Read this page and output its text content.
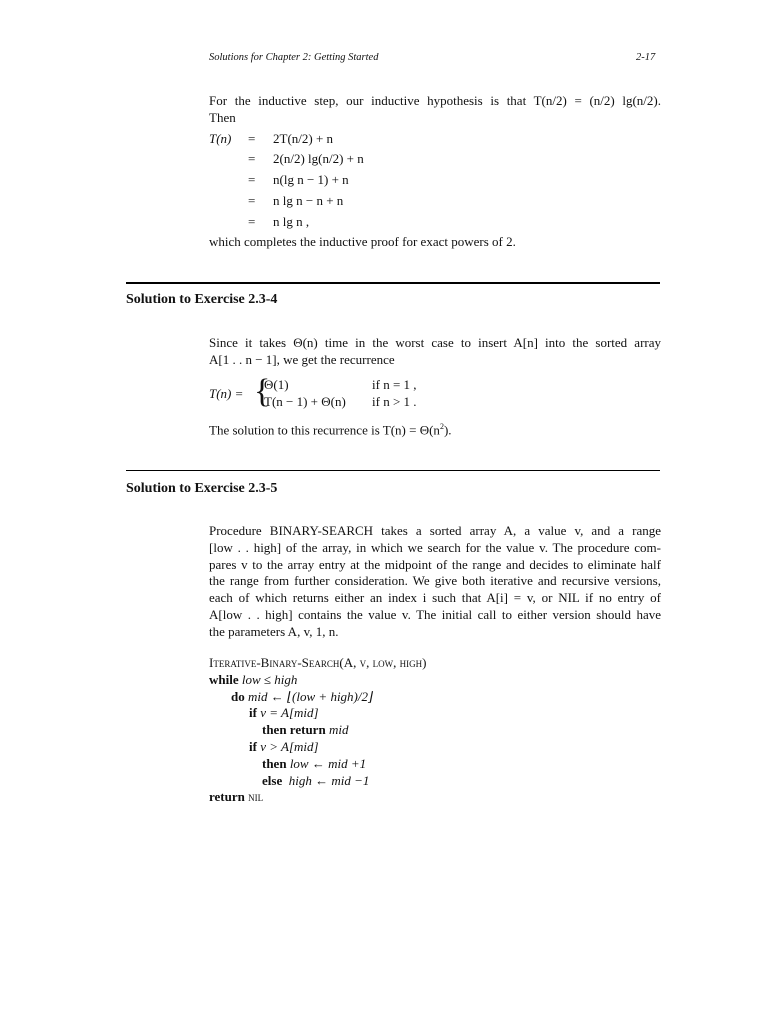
Solutions for Chapter 2: Getting Started	2-17
For the inductive step, our inductive hypothesis is that T(n/2) = (n/2) lg(n/2).
Then
T(n) = 2T(n/2) + n
= 2(n/2) lg(n/2) + n
= n(lg n − 1) + n
= n lg n − n + n
= n lg n ,
which completes the inductive proof for exact powers of 2.
Solution to Exercise 2.3-4
Since it takes Θ(n) time in the worst case to insert A[n] into the sorted array
A[1 . . n − 1], we get the recurrence
T(n) = {
Θ(1)	if n = 1 ,
T(n − 1) + Θ(n) if n > 1 .
The solution to this recurrence is $T(n) = \Theta(n^2)$.
Solution to Exercise 2.3-5
Procedure BINARY-SEARCH takes a sorted array A, a value v, and a range
[low . . high] of the array, in which we search for the value v. The procedure com-
pares v to the array entry at the midpoint of the range and decides to eliminate half
the range from further consideration. We give both iterative and recursive versions,
each of which returns either an index i such that A[i] = v, or NIL if no entry of
A[low . . high] contains the value v. The initial call to either version should have
the parameters A, v, 1, n.
Iterative-Binary-Search(A, v, low, high)
while low ≤ high
do mid ← ⌊(low + high)/2⌋
if v = A[mid]
then return mid
if v > A[mid]
then low ← mid +1
else high ← mid −1
return nil
